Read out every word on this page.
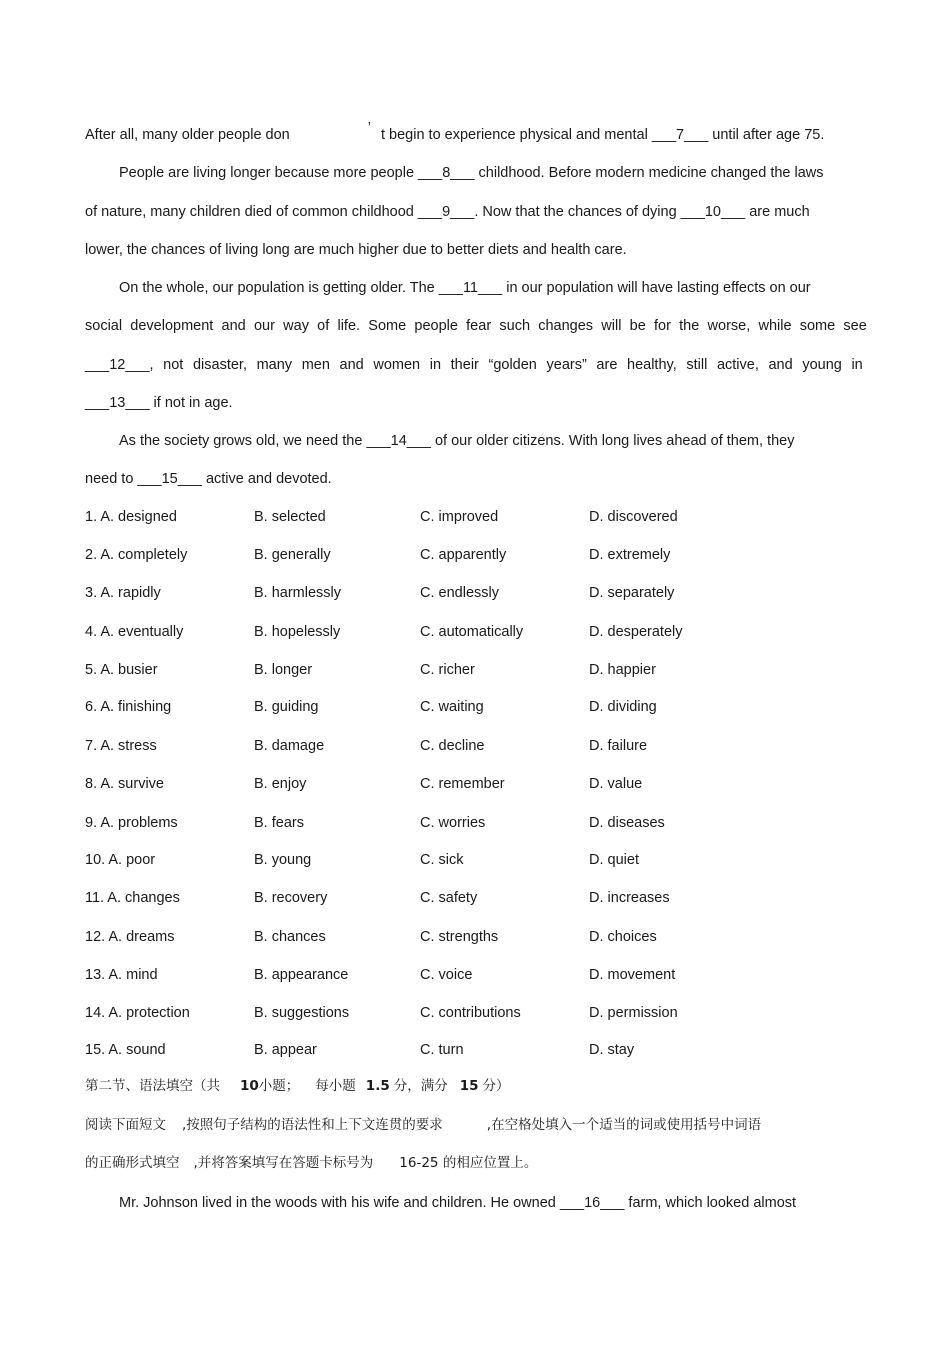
After all, many older people don	’ t begin to experience physical and mental ___7___ until after age 75.
People are living longer because more people ___8___ childhood. Before modern medicine changed the laws
of nature, many children died of common childhood ___9___. Now that the chances of dying ___10___ are much
lower, the chances of living long are much higher due to better diets and health care.
On the whole, our population is getting older. The ___11___ in our population will have lasting effects on our
social development and our way of life. Some people fear such changes will be for the worse, while some see
___12___, not disaster, many men and women in their “golden years” are healthy, still active, and young in
___13___ if not in age.
As the society grows old, we need the ___14___ of our older citizens. With long lives ahead of them, they
need to ___15___ active and devoted.
1. A. designed	B. selected	C. improved	D. discovered
2. A. completely	B. generally	C. apparently	D. extremely
3. A. rapidly	B. harmlessly	C. endlessly	D. separately
4. A. eventually	B. hopelessly	C. automatically	D. desperately
5. A. busier	B. longer	C. richer	D. happier
6. A. finishing	B. guiding	C. waiting	D. dividing
7. A. stress	B. damage	C. decline	D. failure
8. A. survive	B. enjoy	C. remember	D. value
9. A. problems	B. fears	C. worries	D. diseases
10. A. poor	B. young	C. sick	D. quiet
11. A. changes	B. recovery	C. safety	D. increases
12. A. dreams	B. chances	C. strengths	D. choices
13. A. mind	B. appearance	C. voice	D. movement
14. A. protection	B. suggestions	C. contributions	D. permission
15. A. sound	B. appear	C. turn	D. stay
第二节、语法填空（共 10小题； 每小题 1.5 分，满分 15 分）
阅读下面短文 ,按照句子结构的语法性和上下文连贯的要求	,在空格处填入一个适当的词或使用括号中词语
的正确形式填空 ,并将答案填写在答题卡标号为 16-25 的相应位置上。
Mr. Johnson lived in the woods with his wife and children. He owned ___16___ farm, which looked almost
